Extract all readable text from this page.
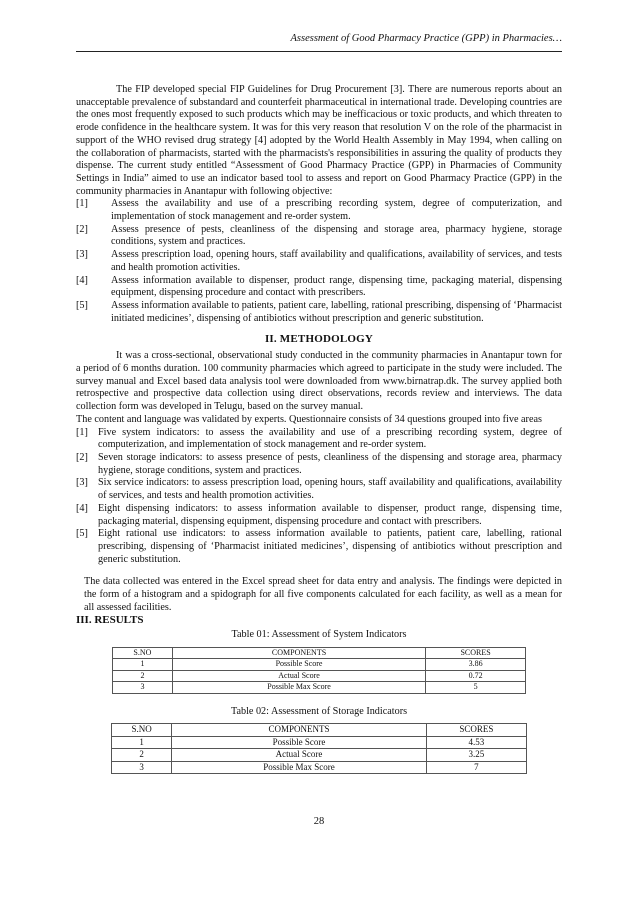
Assessment of Good Pharmacy Practice (GPP) in Pharmacies…

The FIP developed special FIP Guidelines for Drug Procurement [3]. There are numerous reports about an unacceptable prevalence of substandard and counterfeit pharmaceutical in international trade. Developing countries are the ones most frequently exposed to such products which may be inefficacious or toxic products, and which threaten to erode confidence in the healthcare system. It was for this very reason that resolution V on the role of the pharmacist in support of the WHO revised drug strategy [4] adopted by the World Health Assembly in May 1994, when calling on the collaboration of pharmacists, started with the pharmacists's responsibilities in assuring the quality of products they dispense. The current study entitled “Assessment of Good Pharmacy Practice (GPP) in Pharmacies of Community Settings in India” aimed to use an indicator based tool to assess and report on Good Pharmacy Practice (GPP) in the community pharmacies in Anantapur with following objective:

[1]	Assess the availability and use of a prescribing recording system, degree of computerization, and implementation of stock management and re-order system.
[2]	Assess presence of pests, cleanliness of the dispensing and storage area, pharmacy hygiene, storage conditions, system and practices.
[3]	Assess prescription load, opening hours, staff availability and qualifications, availability of services, and tests and health promotion activities.
[4]	Assess information available to dispenser, product range, dispensing time, packaging material, dispensing equipment, dispensing procedure and contact with prescribers.
[5]	Assess information available to patients, patient care, labelling, rational prescribing, dispensing of ‘Pharmacist initiated medicines’, dispensing of antibiotics without prescription and generic substitution.
II. METHODOLOGY

It was a cross-sectional, observational study conducted in the community pharmacies in Anantapur town for a period of 6 months duration. 100 community pharmacies which agreed to participate in the study were included. The survey manual and Excel based data analysis tool were downloaded from www.birnatrap.dk. The survey applied both retrospective and prospective data collection using direct observations, records review and interviews. The data collection form was developed in Telugu, based on the survey manual.

The content and language was validated by experts. Questionnaire consists of 34 questions grouped into five areas

[1] Five system indicators: to assess the availability and use of a prescribing recording system, degree of computerization, and implementation of stock management and re-order system.
[2] Seven storage indicators: to assess presence of pests, cleanliness of the dispensing and storage area, pharmacy hygiene, storage conditions, system and practices.
[3] Six service indicators: to assess prescription load, opening hours, staff availability and qualifications, availability of services, and tests and health promotion activities.
[4] Eight dispensing indicators: to assess information available to dispenser, product range, dispensing time, packaging material, dispensing equipment, dispensing procedure and contact with prescribers.
[5] Eight rational use indicators: to assess information available to patients, patient care, labelling, rational prescribing, dispensing of ‘Pharmacist initiated medicines’, dispensing of antibiotics without prescription and generic substitution.

The data collected was entered in the Excel spread sheet for data entry and analysis. The findings were depicted in the form of a histogram and a spidograph for all five components calculated for each facility, as well as a mean for all assessed facilities.

III. RESULTS

Table 01: Assessment of System Indicators

S.NO	COMPONENTS	SCORES
1	Possible Score	3.86
2	Actual Score	0.72
3	Possible Max Score	5

Table 02: Assessment of Storage Indicators

S.NO	COMPONENTS	SCORES
1	Possible Score	4.53
2	Actual Score	3.25
3	Possible Max Score	7
28
